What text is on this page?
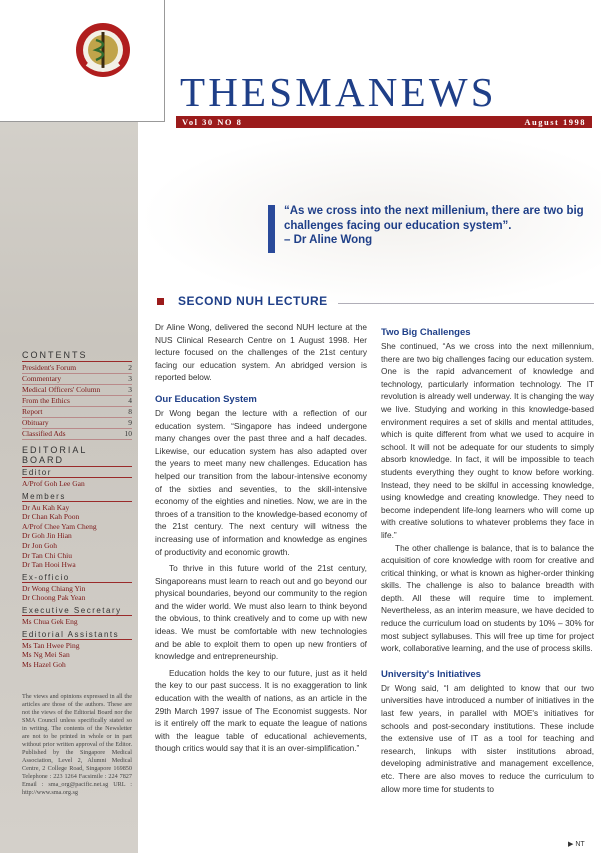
CONTENTS
President's Forum	2
Commentary	3
Medical Officers' Column	3
From the Ethics	4
Report	8
Obituary	9
Classified Ads	10
EDITORIAL BOARD
Editor
A/Prof Goh Lee Gan
Members
Dr Au Kah Kay
Dr Chan Kah Poon
A/Prof Chee Yam Cheng
Dr Goh Jin Hian
Dr Jon Goh
Dr Tan Chi Chiu
Dr Tan Hooi Hwa
Ex-officio
Dr Wong Chiang Yin
Dr Choong Pak Yean
Executive Secretary
Ms Chua Gek Eng
Editorial Assistants
Ms Tan Hwee Ping
Ms Ng Mei San
Ms Hazel Goh
The views and opinions expressed in all the articles are those of the authors. These are not the views of the Editorial Board nor the SMA Council unless specifically stated so in writing. The contents of the Newsletter are not to be printed in whole or in part without prior written approval of the Editor. Published by the Singapore Medical Association, Level 2, Alumni Medical Centre, 2 College Road, Singapore 169850 Telephone : 223 1264 Facsimile : 224 7827 Email : sma_org@pacific.net.sg URL : http://www.sma.org.sg
THESMANEWS
Vol 30 NO 8	August 1998
“As we cross into the next millenium, there are two big challenges facing our education system”.
– Dr Aline Wong
SECOND NUH LECTURE

Dr Aline Wong, delivered the second NUH lecture at the NUS Clinical Research Centre on 1 August 1998. Her lecture focused on the challenges of the 21st century facing our education system. An abridged version is reported below.

Our Education System

Dr Wong began the lecture with a reflection of our education system. “Singapore has indeed undergone many changes over the past three and a half decades. Likewise, our education system has also adapted over the years to meet many new challenges. Education has helped our transition from the labour-intensive economy of the sixties and seventies, to the skill-intensive economy of the eighties and nineties. Now, we are in the throes of a transition to the knowledge-based economy of the 21st century. The next century will witness the increasing use of information and knowledge as engines of productivity and economic growth.

To thrive in this future world of the 21st century, Singaporeans must learn to reach out and go beyond our physical boundaries, beyond our community to the region and the wider world. We must also learn to think beyond the obvious, to think creatively and to come up with new ideas. We must be comfortable with new technologies and be able to exploit them to open up new frontiers of knowledge and entrepreneurship.

Education holds the key to our future, just as it held the key to our past success. It is no exaggeration to link education with the wealth of nations, as an article in the 29th March 1997 issue of The Economist suggests. Nor is it entirely off the mark to equate the league of nations with the league table of educational achievements, though critics would say that it is an over-simplification.”

Two Big Challenges

She continued, “As we cross into the next millennium, there are two big challenges facing our education system. One is the rapid advancement of knowledge and technology, particularly information technology. The IT revolution is already well underway. It is changing the way we live. Studying and working in this knowledge-based environment requires a set of skills and mental attitudes, which is quite different from what we used to acquire in school. It will not be adequate for our students to simply absorb knowledge. In fact, it will be impossible to teach students everything they ought to know before working. Instead, they need to be skilful in accessing knowledge, using knowledge and creating knowledge. They need to become independent life-long learners who will come up with creative solutions to whatever problems they face in life.”

The other challenge is balance, that is to balance the acquisition of core knowledge with room for creative and critical thinking, or what is known as higher-order thinking skills. The challenge is also to balance breadth with depth. All these will require time to implement. Nevertheless, as an interim measure, we have decided to reduce the curriculum load on students by 10% – 30% for most subject syllabuses. This will free up time for project work, collaborative learning, and the use of process skills.

University's Initiatives

Dr Wong said, “I am delighted to know that our two universities have introduced a number of initiatives in the last few years, in parallel with MOE's initiatives for schools and post-secondary institutions. These include the extensive use of IT as a tool for teaching and research, linkups with sister institutions abroad, developing administrative and management excellence, etc. There are also moves to reduce the curriculum to allow more time for students to

▶ NT
